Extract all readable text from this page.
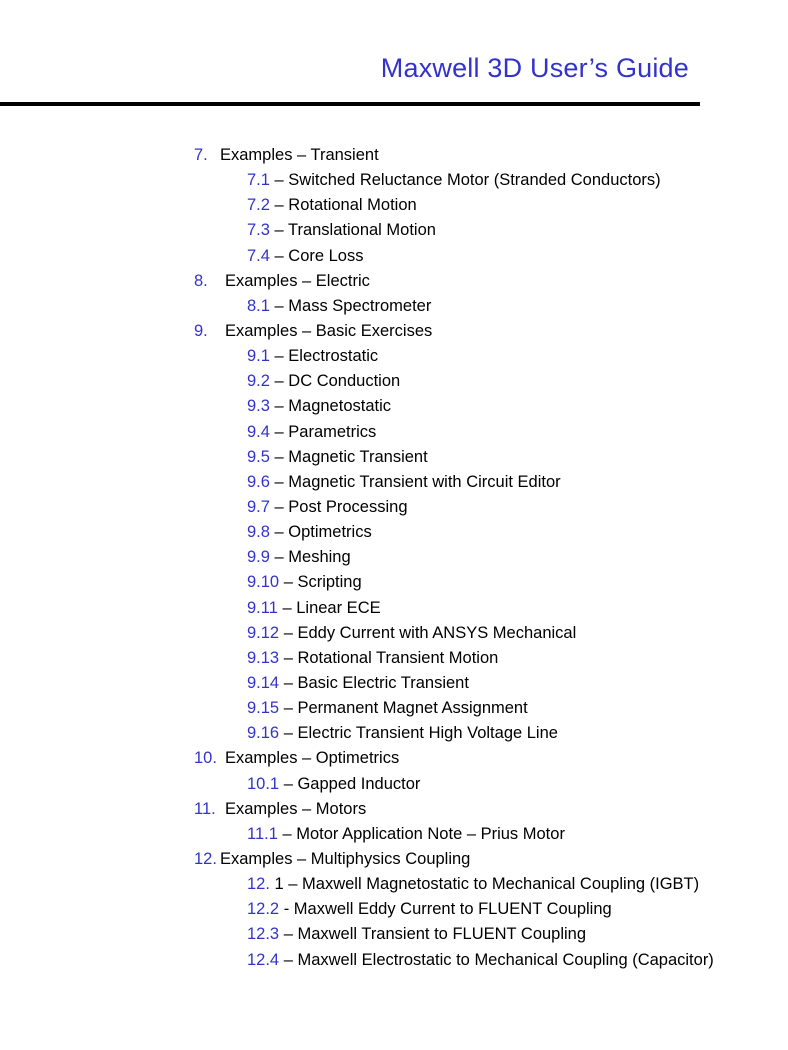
Maxwell 3D User’s Guide
7. Examples – Transient
7.1 – Switched Reluctance Motor (Stranded Conductors)
7.2 – Rotational Motion
7.3 – Translational Motion
7.4 – Core Loss
8. Examples – Electric
8.1 – Mass Spectrometer
9. Examples – Basic Exercises
9.1 – Electrostatic
9.2 – DC Conduction
9.3 – Magnetostatic
9.4 – Parametrics
9.5 – Magnetic Transient
9.6 – Magnetic Transient with Circuit Editor
9.7 – Post Processing
9.8 – Optimetrics
9.9 – Meshing
9.10 – Scripting
9.11 – Linear ECE
9.12 – Eddy Current with ANSYS Mechanical
9.13 – Rotational Transient Motion
9.14 – Basic Electric Transient
9.15 – Permanent Magnet Assignment
9.16 – Electric Transient High Voltage Line
10. Examples – Optimetrics
10.1 – Gapped Inductor
11. Examples – Motors
11.1 – Motor Application Note – Prius Motor
12. Examples – Multiphysics Coupling
12. 1 – Maxwell Magnetostatic to Mechanical Coupling (IGBT)
12.2 - Maxwell Eddy Current to FLUENT Coupling
12.3 – Maxwell Transient to FLUENT Coupling
12.4 – Maxwell Electrostatic to Mechanical Coupling (Capacitor)
